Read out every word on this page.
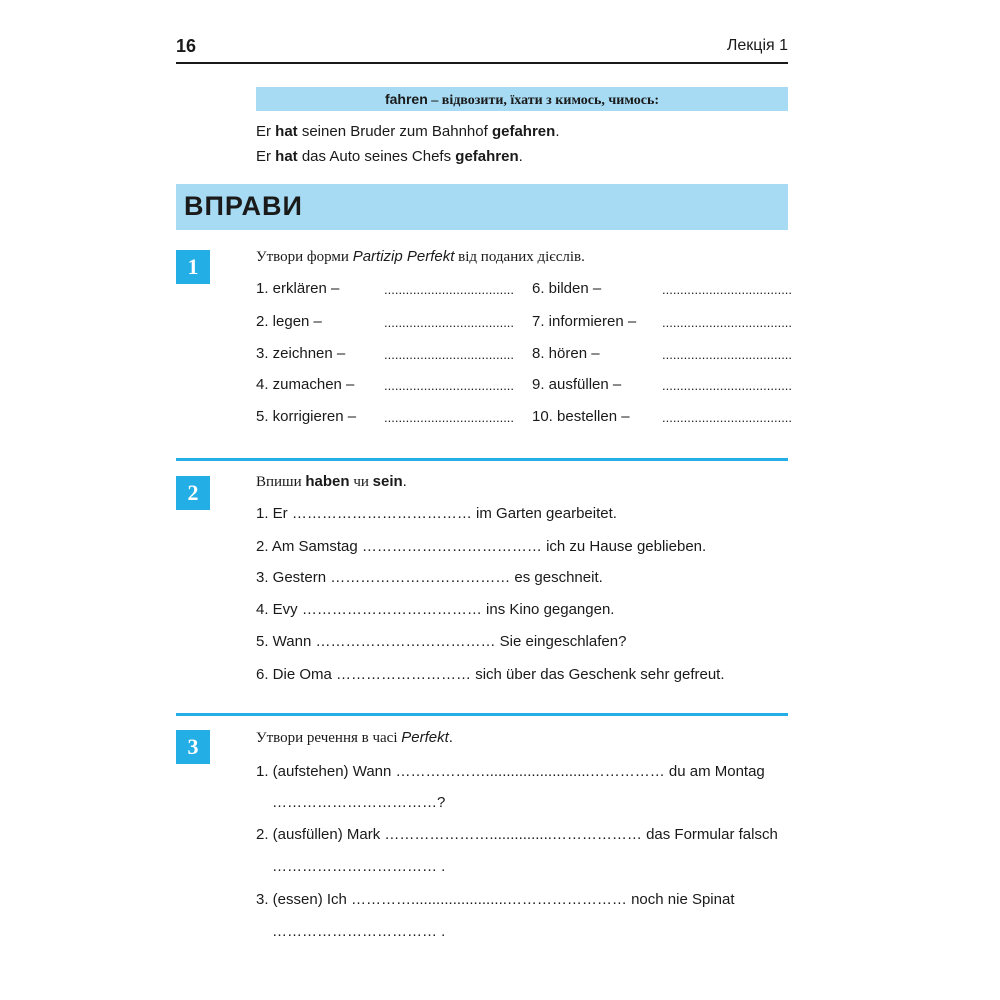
16	Лекція 1
fahren – відвозити, їхати з кимось, чимось:
Er hat seinen Bruder zum Bahnhof gefahren.
Er hat das Auto seines Chefs gefahren.
ВПРАВИ
1	Утвори форми Partizip Perfekt від поданих дієслів.
1. erklären –	.................................... 6. bilden –	....................................
2. legen –	.................................... 7. informieren – ....................................
3. zeichnen –	.................................... 8. hören –	....................................
4. zumachen – .................................... 9. ausfüllen –	....................................
5. korrigieren – .................................... 10. bestellen – ....................................
2	Впиши haben чи sein.
1. Er ……………………………… im Garten gearbeitet.
2. Am Samstag ……………………………… ich zu Hause geblieben.
3. Gestern ……………………………… es geschneit.
4. Evy ……………………………… ins Kino gegangen.
5. Wann ……………………………… Sie eingeschlafen?
6. Die Oma ……………………… sich über das Geschenk sehr gefreut.
3	Утвори речення в часі Perfekt.
1. (aufstehen) Wann ……………….........................…………… du am Montag
……………………………?
2. (ausfüllen) Mark …………………...............……………… das Formular falsch
…………………………… .
3. (essen) Ich ………….......................…………………… noch nie Spinat
…………………………… .
